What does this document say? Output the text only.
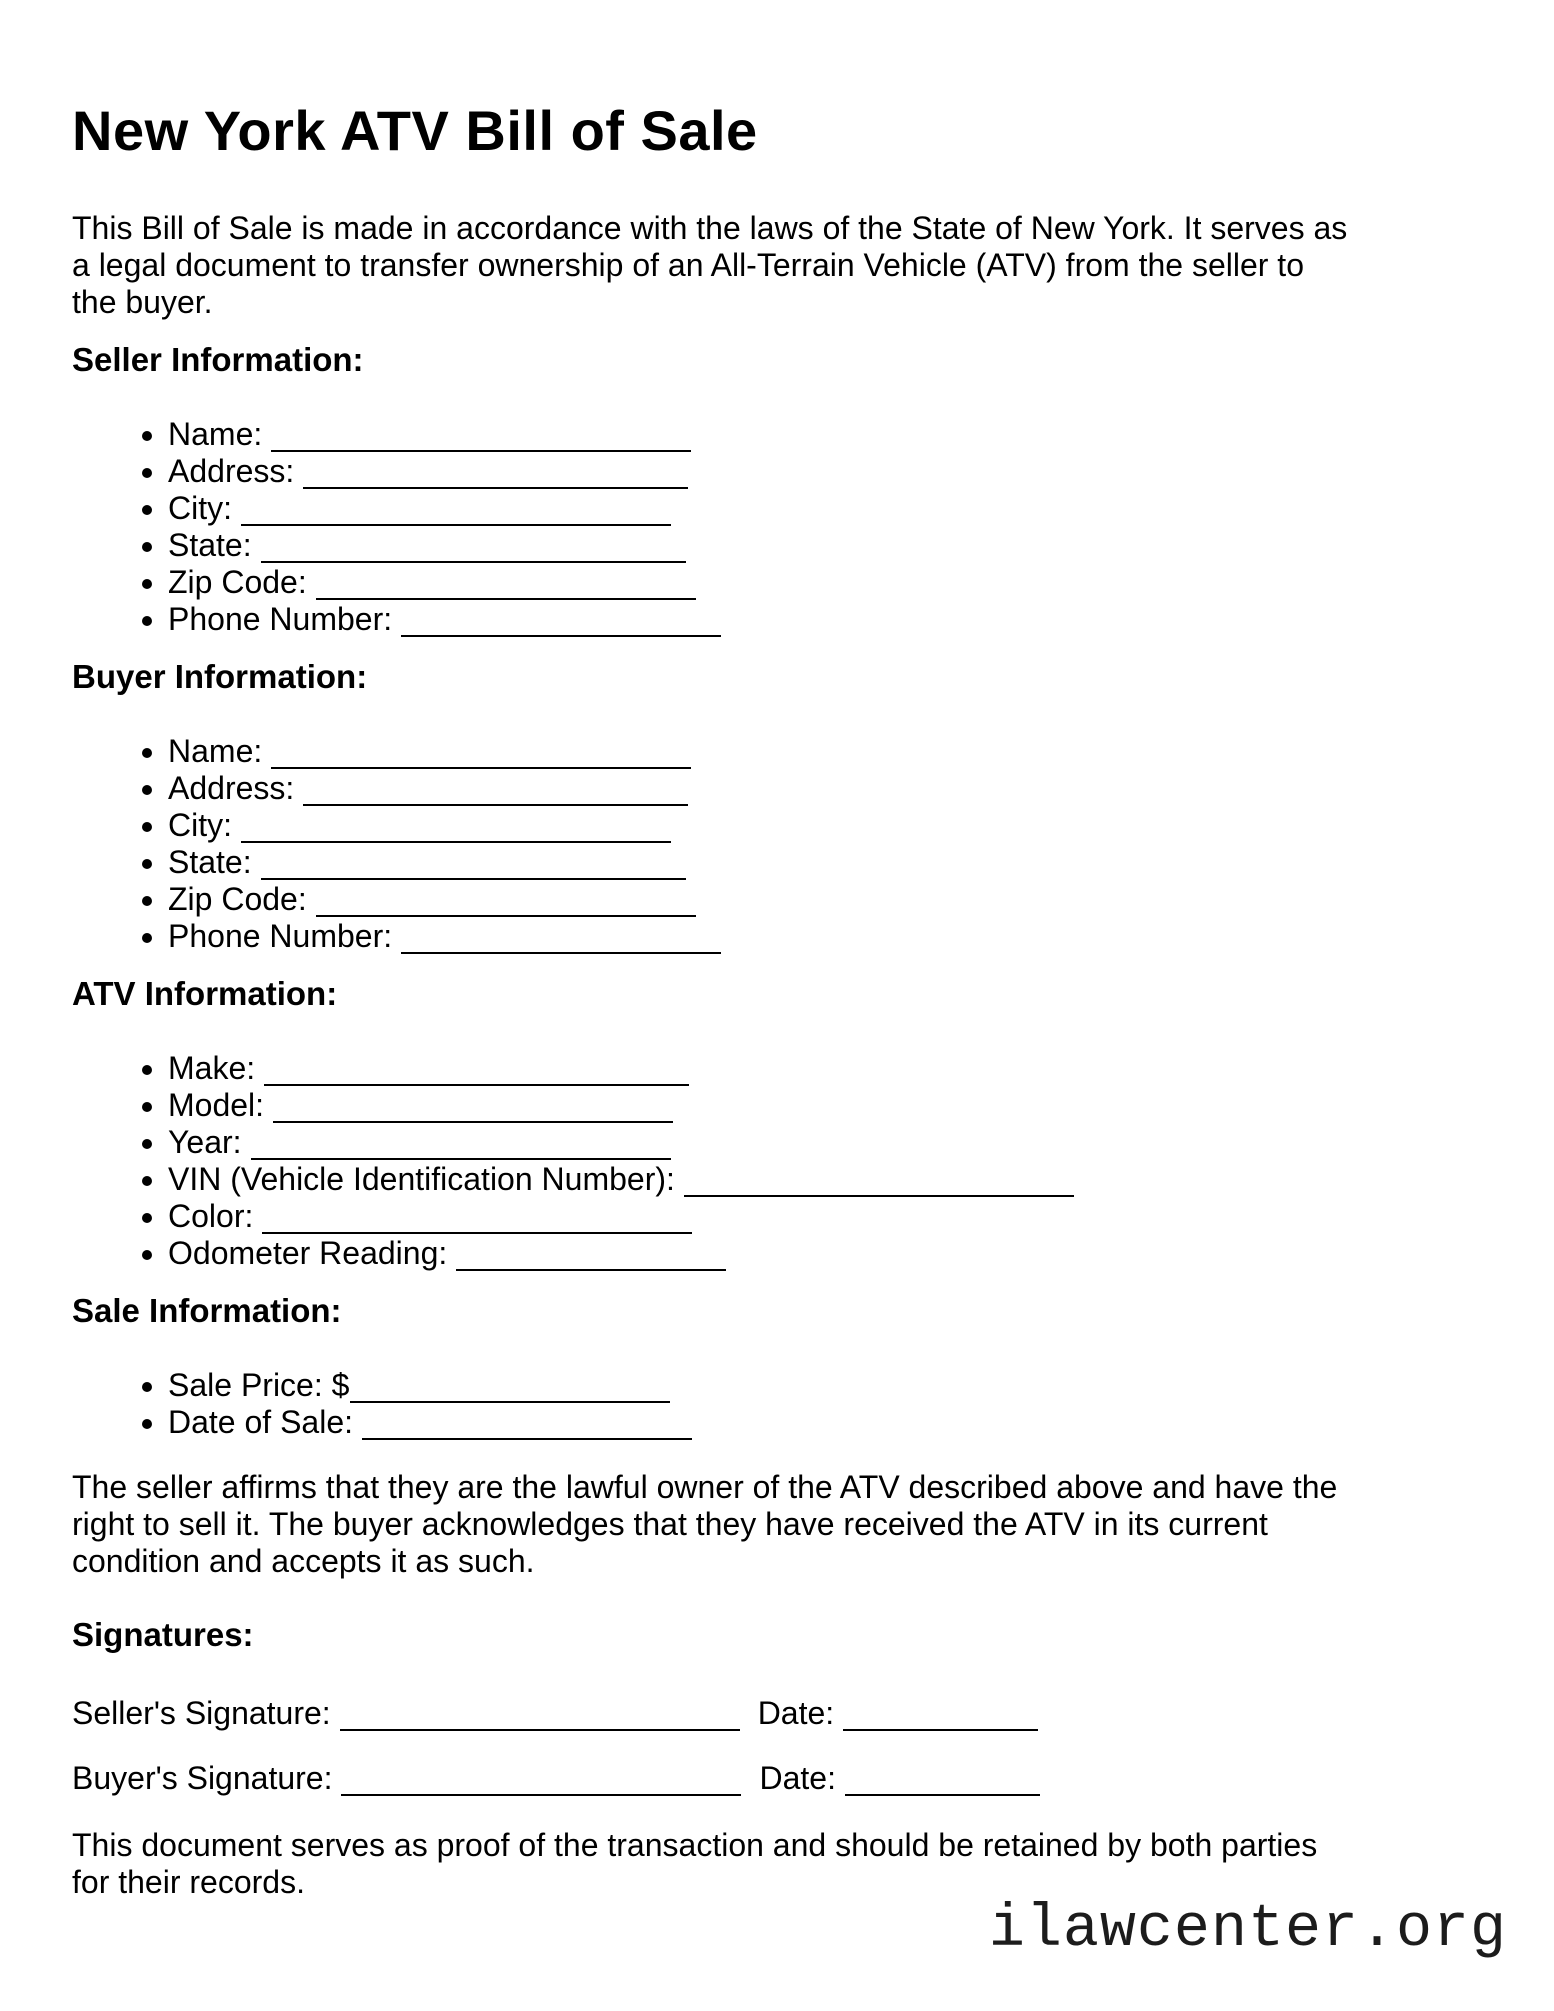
New York ATV Bill of Sale

This Bill of Sale is made in accordance with the laws of the State of New York. It serves as
a legal document to transfer ownership of an All-Terrain Vehicle (ATV) from the seller to
the buyer.

Seller Information:
• Name:
• Address:
• City:
• State:
• Zip Code:
• Phone Number:
Buyer Information:
• Name:
• Address:
• City:
• State:
• Zip Code:
• Phone Number:
ATV Information:
• Make:
• Model:
• Year:
• VIN (Vehicle Identification Number):
• Color:
• Odometer Reading:
Sale Information:
• Sale Price: $
• Date of Sale:

The seller affirms that they are the lawful owner of the ATV described above and have the
right to sell it. The buyer acknowledges that they have received the ATV in its current
condition and accepts it as such.

Signatures:
Seller's Signature:	Date:
Buyer's Signature:	Date:

This document serves as proof of the transaction and should be retained by both parties
for their records.

ilawcenter.org
